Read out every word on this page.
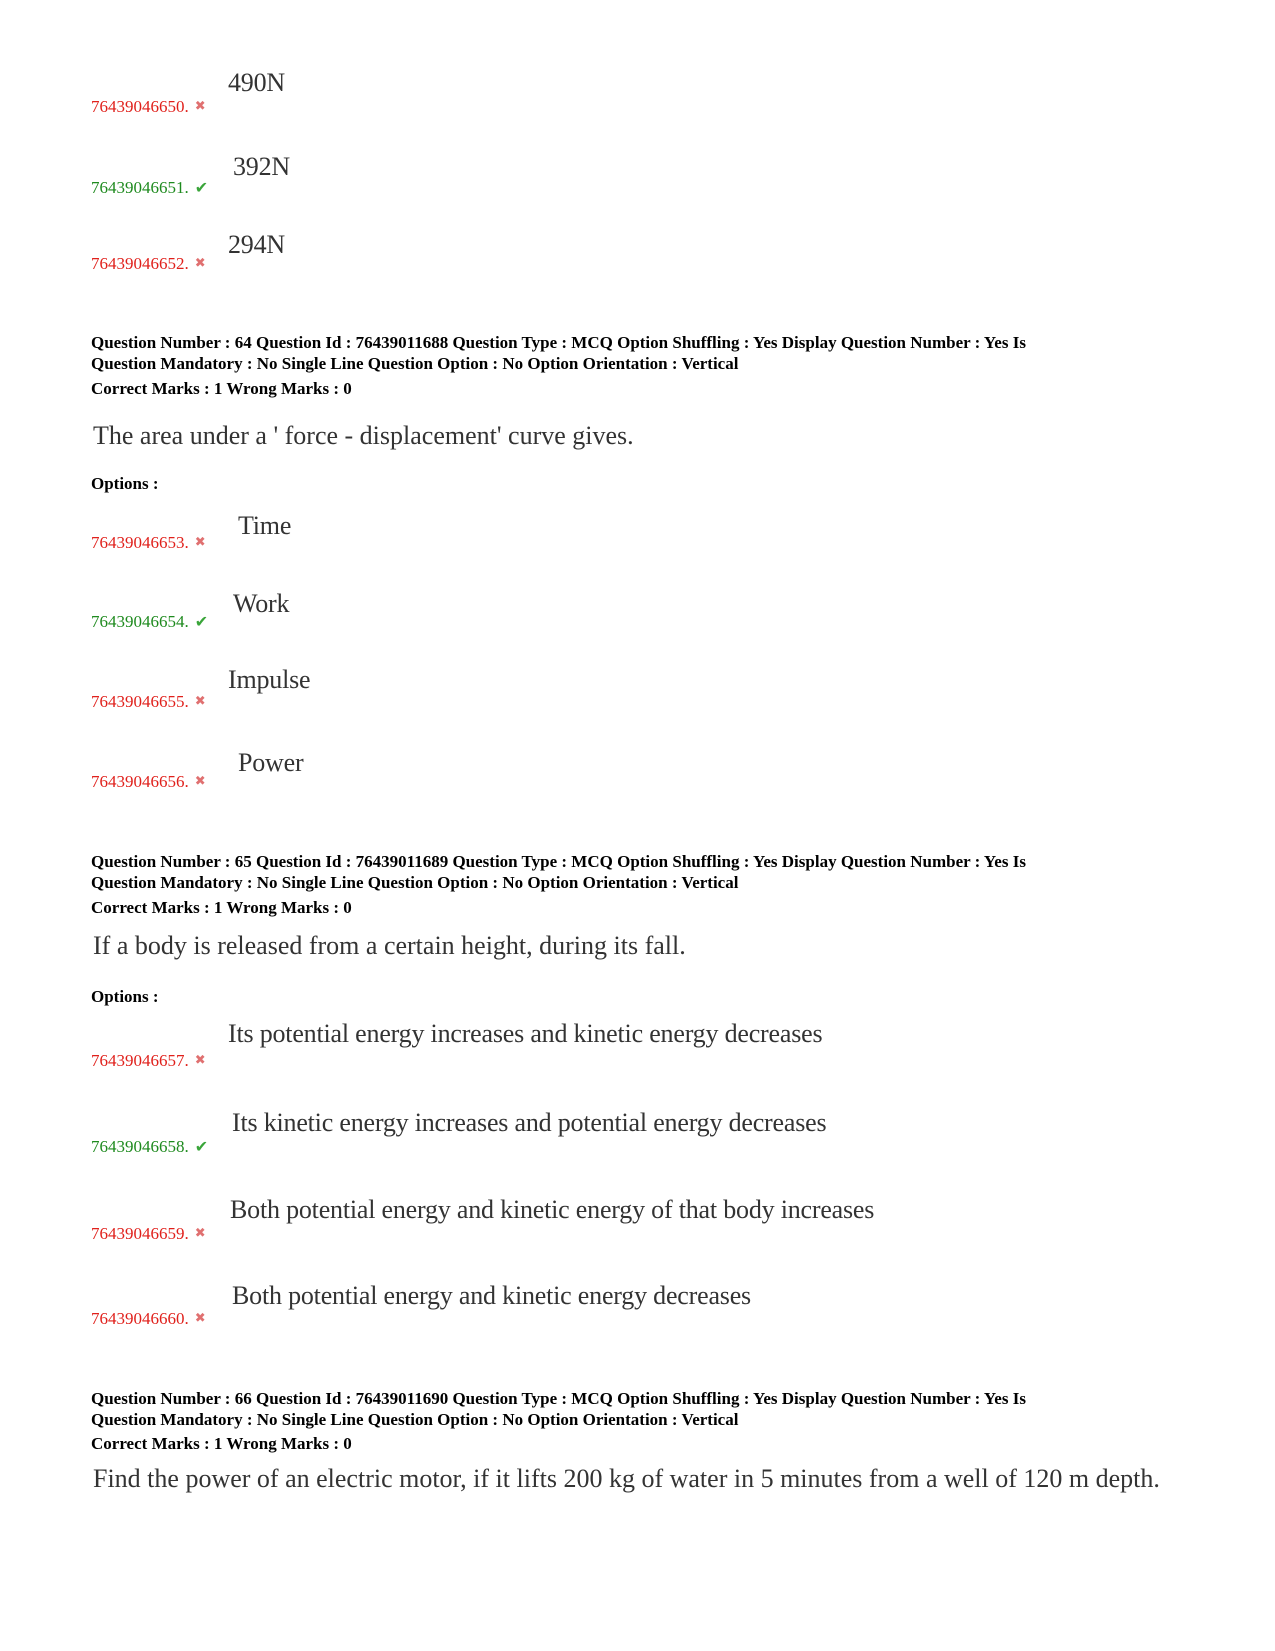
490N
76439046650. ✖
392N
76439046651. ✔
294N
76439046652. ✖
Question Number : 64 Question Id : 76439011688 Question Type : MCQ Option Shuffling : Yes Display Question Number : Yes Is
Question Mandatory : No Single Line Question Option : No Option Orientation : Vertical
Correct Marks : 1 Wrong Marks : 0
The area under a ' force - displacement' curve gives.
Options :
Time
76439046653. ✖
Work
76439046654. ✔
Impulse
76439046655. ✖
Power
76439046656. ✖
Question Number : 65 Question Id : 76439011689 Question Type : MCQ Option Shuffling : Yes Display Question Number : Yes Is
Question Mandatory : No Single Line Question Option : No Option Orientation : Vertical
Correct Marks : 1 Wrong Marks : 0
If a body is released from a certain height, during its fall.
Options :
Its potential energy increases and kinetic energy decreases
76439046657. ✖
Its kinetic energy increases and potential energy decreases
76439046658. ✔
Both potential energy and kinetic energy of that body increases
76439046659. ✖
Both potential energy and kinetic energy decreases
76439046660. ✖
Question Number : 66 Question Id : 76439011690 Question Type : MCQ Option Shuffling : Yes Display Question Number : Yes Is
Question Mandatory : No Single Line Question Option : No Option Orientation : Vertical
Correct Marks : 1 Wrong Marks : 0
Find the power of an electric motor, if it lifts 200 kg of water in 5 minutes from a well of 120 m depth.
